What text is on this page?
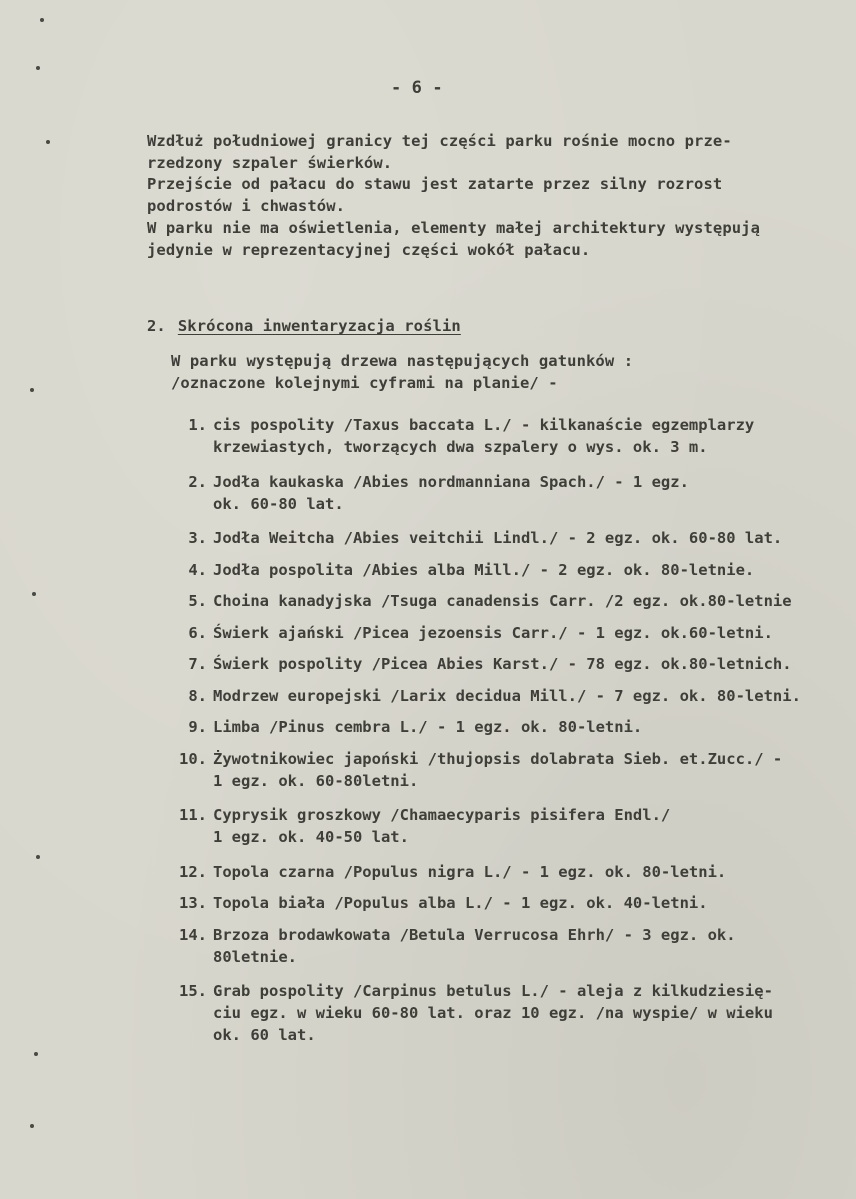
- 6 -
Wzdłuż południowej granicy tej części parku rośnie mocno prze-
rzedzony szpaler świerków.
Przejście od pałacu do stawu jest zatarte przez silny rozrost
podrostów i chwastów.
W parku nie ma oświetlenia, elementy małej architektury występują
jedynie w reprezentacyjnej części wokół pałacu.
2. Skrócona inwentaryzacja roślin
W parku występują drzewa następujących gatunków :
/oznaczone kolejnymi cyframi na planie/ -
1. cis pospolity /Taxus baccata L./ - kilkanaście egzemplarzy
krzewiastych, tworzących dwa szpalery o wys. ok. 3 m.
2. Jodła kaukaska /Abies nordmanniana Spach./ - 1 egz.
ok. 60-80 lat.
3. Jodła Weitcha /Abies veitchii Lindl./ - 2 egz. ok. 60-80 lat.
4. Jodła pospolita /Abies alba Mill./ - 2 egz. ok. 80-letnie.
5. Choina kanadyjska /Tsuga canadensis Carr. /2 egz. ok.80-letnie
6. Świerk ajański /Picea jezoensis Carr./ - 1 egz. ok.60-letni.
7. Świerk pospolity /Picea Abies Karst./ - 78 egz. ok.80-letnich.
8. Modrzew europejski /Larix decidua Mill./ - 7 egz. ok. 80-letni.
9. Limba /Pinus cembra L./ - 1 egz. ok. 80-letni.
10. Żywotnikowiec japoński /thujopsis dolabrata Sieb. et.Zucc./ -
1 egz. ok. 60-80letni.
11. Cyprysik groszkowy /Chamaecyparis pisifera Endl./
1 egz. ok. 40-50 lat.
12. Topola czarna /Populus nigra L./ - 1 egz. ok. 80-letni.
13. Topola biała /Populus alba L./ - 1 egz. ok. 40-letni.
14. Brzoza brodawkowata /Betula Verrucosa Ehrh/ - 3 egz. ok.
80letnie.
15. Grab pospolity /Carpinus betulus L./ - aleja z kilkudziesię-
ciu egz. w wieku 60-80 lat. oraz 10 egz. /na wyspie/ w wieku
ok. 60 lat.
